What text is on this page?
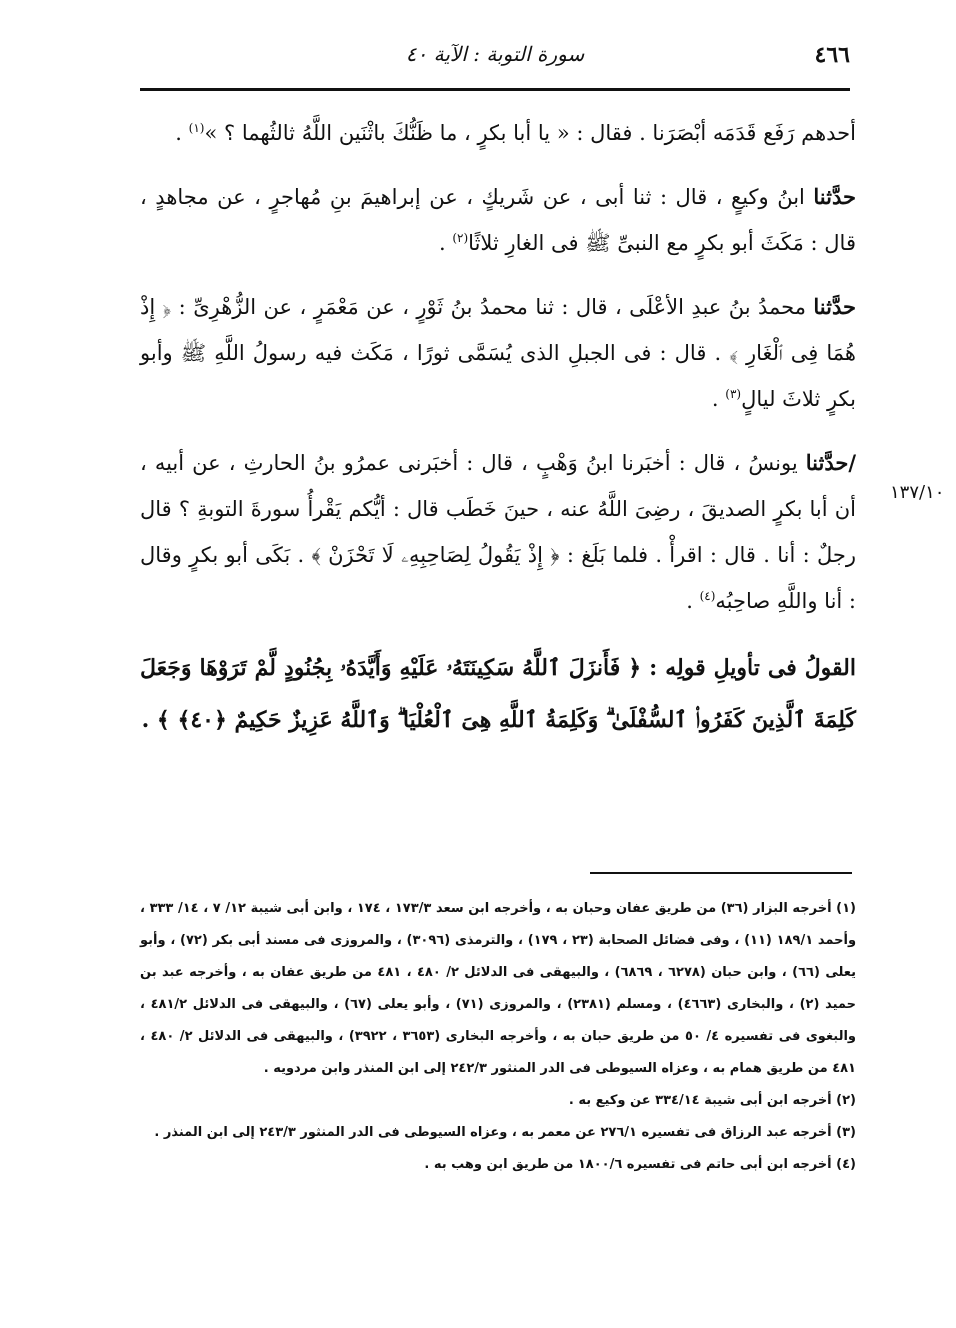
٤٦٦
سورة التوبة : الآية ٤٠
١٣٧/١٠

أحدهم رَفَع قَدَمَه أبْصَرَنا . فقال : « يا أبا بكرٍ ، ما ظَنُّكَ باثْنَين اللَّهُ ثالثُهما ؟ »$^{(١)}$ .

حدَّثنا ابنُ وكيعٍ ، قال : ثنا أبى ، عن شَريكٍ ، عن إبراهيمَ بنِ مُهاجرٍ ، عن مجاهدٍ ، قال : مَكَثَ أبو بكرٍ مع النبىِّ ﷺ فى الغارِ ثلاثًا$^{(٢)}$ .

حدَّثنا محمدُ بنُ عبدِ الأعْلَى ، قال : ثنا محمدُ بنُ ثَوْرٍ ، عن مَعْمَرٍ ، عن الزُّهْرِىِّ : ﴿ إِذْ هُمَا فِى ٱلْغَارِ ﴾ . قال : فى الجبلِ الذى يُسَمَّى ثورًا ، مَكَث فيه رسولُ اللَّهِ ﷺ وأبو بكرٍ ثلاثَ ليالٍ$^{(٣)}$ .

/حدَّثنا يونسُ ، قال : أخبَرنا ابنُ وَهْبٍ ، قال : أخبَرنى عمرُو بنُ الحارثِ ، عن أبيه ، أن أبا بكرٍ الصديقَ ، رضِىَ اللَّهُ عنه ، حينَ خَطَب قال : أيُّكم يَقْرأُ سورةَ التوبةِ ؟ قال رجلٌ : أنا . قال : اقرأْ . فلما بَلَغ : ﴿ إِذْ يَقُولُ لِصَاحِبِهِۦ لَا تَحْزَنْ ﴾ . بَكَى أبو بكرٍ وقال : أنا واللَّهِ صاحِبُه$^{(٤)}$ .

القولُ فى تأويلِ قولِه : ﴿ فَأَنزَلَ ٱللَّهُ سَكِينَتَهُۥ عَلَيْهِ وَأَيَّدَهُۥ بِجُنُودٍ لَّمْ تَرَوْهَا وَجَعَلَ كَلِمَةَ ٱلَّذِينَ كَفَرُوا۟ ٱلسُّفْلَىٰ ۗ وَكَلِمَةُ ٱللَّهِ هِىَ ٱلْعُلْيَا ۗ وَٱللَّهُ عَزِيزٌ حَكِيمٌ ﴿٤٠﴾ ﴾ .

(١) أخرجه البزار (٣٦) من طريق عفان وحبان به ، وأخرجه ابن سعد ١٧٣/٣ ، ١٧٤ ، وابن أبى شيبة ١٢/ ٧ ، ١٤/ ٣٣٣ ، وأحمد ١٨٩/١ (١١) ، وفى فضائل الصحابة (٢٣ ، ١٧٩) ، والترمذى (٣٠٩٦) ، والمروزى فى مسند أبى بكر (٧٢) ، وأبو يعلى (٦٦) ، وابن حبان (٦٢٧٨ ، ٦٨٦٩) ، والبيهقى فى الدلائل ٢/ ٤٨٠ ، ٤٨١ من طريق عفان به ، وأخرجه عبد بن حميد (٢) ، والبخارى (٤٦٦٣) ، ومسلم (٢٣٨١) ، والمروزى (٧١) ، وأبو يعلى (٦٧) ، والبيهقى فى الدلائل ٤٨١/٢ ، والبغوى فى تفسيره ٤/ ٥٠ من طريق حبان به ، وأخرجه البخارى (٣٦٥٣ ، ٣٩٢٢) ، والبيهقى فى الدلائل ٢/ ٤٨٠ ، ٤٨١ من طريق همام به ، وعزاه السيوطى فى الدر المنثور ٢٤٢/٣ إلى ابن المنذر وابن مردويه .

(٢) أخرجه ابن أبى شيبة ٣٣٤/١٤ عن وكيع به .

(٣) أخرجه عبد الرزاق فى تفسيره ٢٧٦/١ عن معمر به ، وعزاه السيوطى فى الدر المنثور ٢٤٣/٣ إلى ابن المنذر .

(٤) أخرجه ابن أبى حاتم فى تفسيره ١٨٠٠/٦ من طريق ابن وهب به .
